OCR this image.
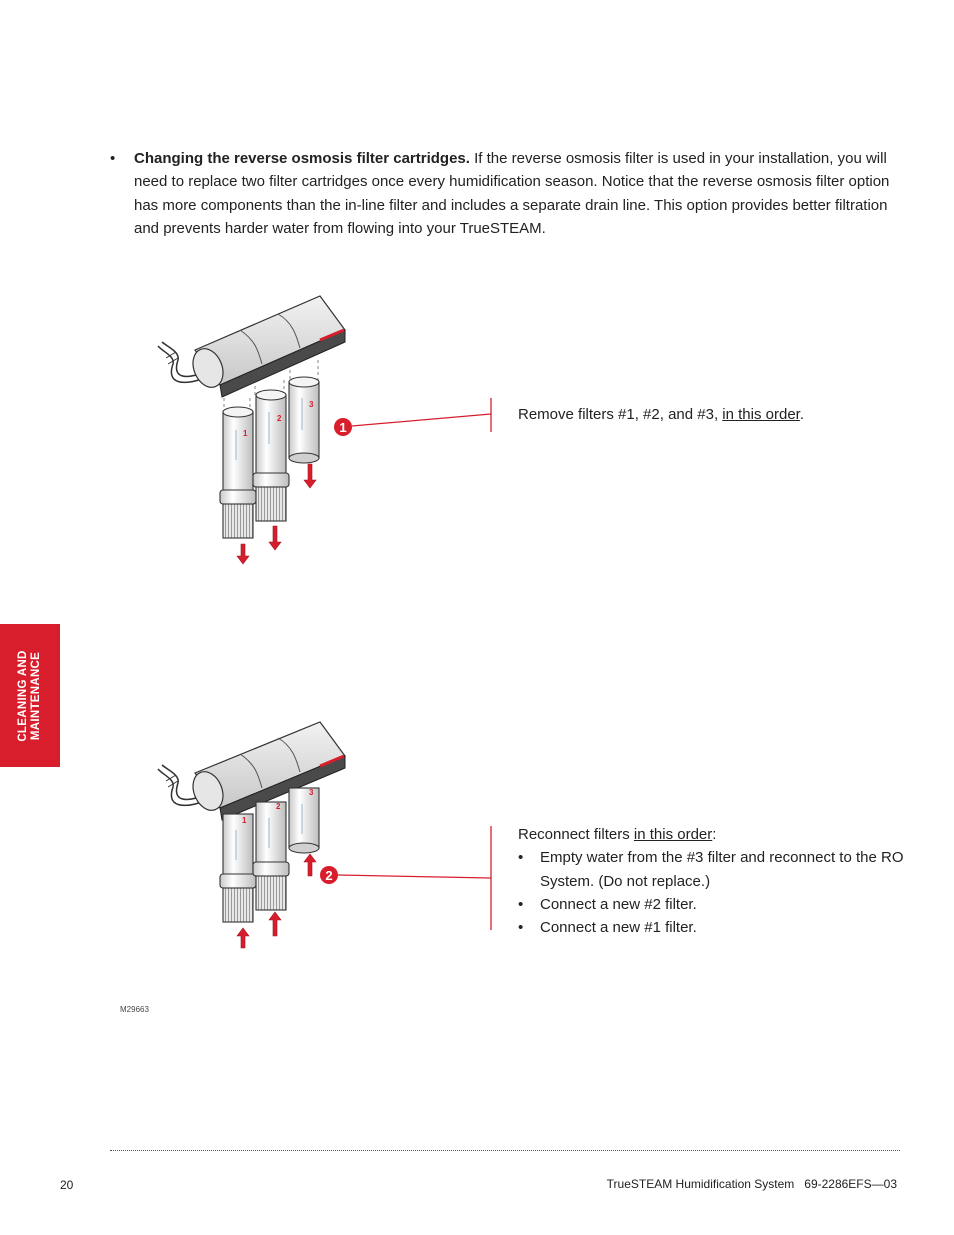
• Changing the reverse osmosis filter cartridges. If the reverse osmosis filter is used in your installation, you will need to replace two filter cartridges once every humidification season. Notice that the reverse osmosis filter option has more components than the in-line filter and includes a separate drain line. This option provides better filtration and prevents harder water from flowing into your TrueSTEAM.
1
2
3
1
1
2
3
2
Remove filters #1, #2, and #3, in this order.
Reconnect filters in this order:
• Empty water from the #3 filter and reconnect to the RO System. (Do not replace.)
• Connect a new #2 filter.
• Connect a new #1 filter.
CLEANING AND MAINTENANCE
M29663
20	TrueSTEAM Humidification System   69-2286EFS—03
